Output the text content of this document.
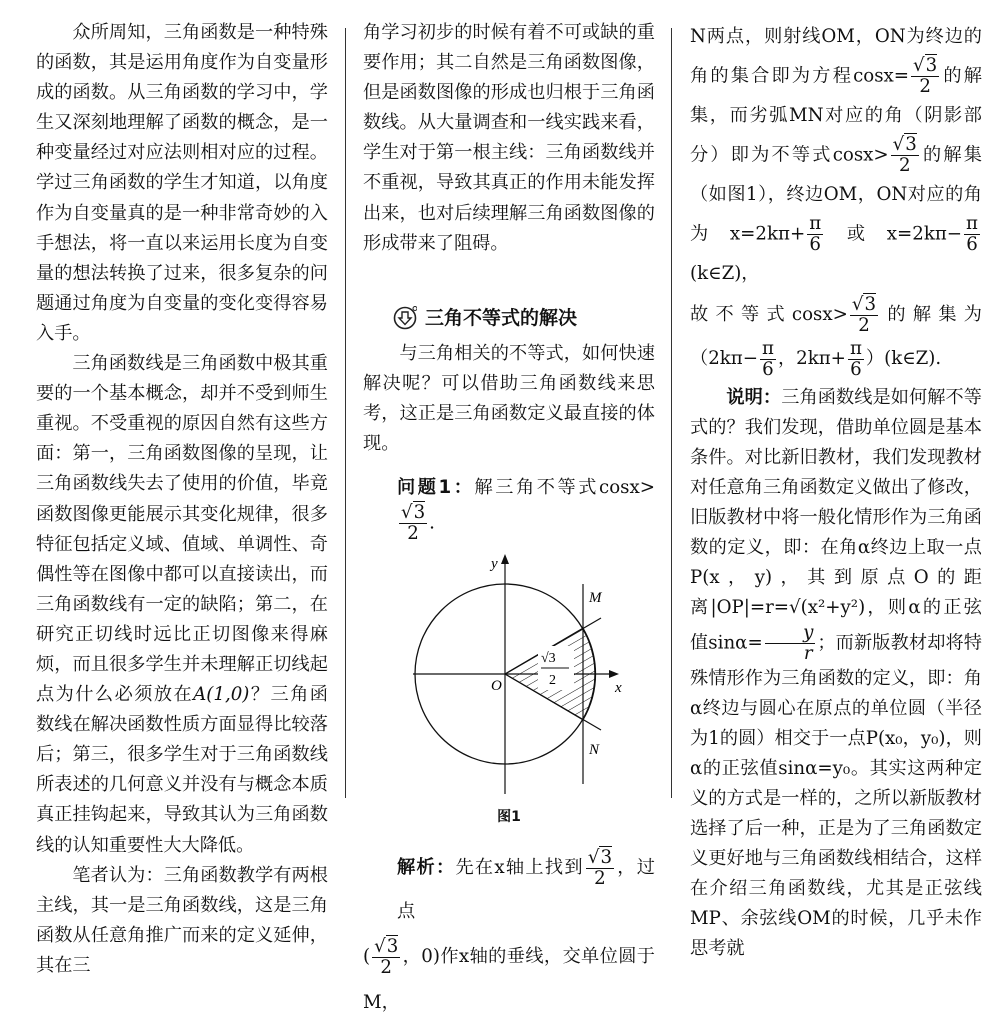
众所周知，三角函数是一种特殊的函数，其是运用角度作为自变量形成的函数。从三角函数的学习中，学生又深刻地理解了函数的概念，是一种变量经过对应法则相对应的过程。学过三角函数的学生才知道，以角度作为自变量真的是一种非常奇妙的入手想法，将一直以来运用长度为自变量的想法转换了过来，很多复杂的问题通过角度为自变量的变化变得容易入手。

三角函数线是三角函数中极其重要的一个基本概念，却并不受到师生重视。不受重视的原因自然有这些方面：第一，三角函数图像的呈现，让三角函数线失去了使用的价值，毕竟函数图像更能展示其变化规律，很多特征包括定义域、值域、单调性、奇偶性等在图像中都可以直接读出，而三角函数线有一定的缺陷；第二，在研究正切线时远比正切图像来得麻烦，而且很多学生并未理解正切线起点为什么必须放在A(1,0)？三角函数线在解决函数性质方面显得比较落后；第三，很多学生对于三角函数线所表述的几何意义并没有与概念本质真正挂钩起来，导致其认为三角函数线的认知重要性大大降低。

笔者认为：三角函数教学有两根主线，其一是三角函数线，这是三角函数从任意角推广而来的定义延伸，其在三

角学习初步的时候有着不可或缺的重要作用；其二自然是三角函数图像，但是函数图像的形成也归根于三角函数线。从大量调查和一线实践来看，学生对于第一根主线：三角函数线并不重视，导致其真正的作用未能发挥出来，也对后续理解三角函数图像的形成带来了阻碍。

三角不等式的解决

与三角相关的不等式，如何快速解决呢？可以借助三角函数线来思考，这正是三角函数定义最直接的体现。

问题1：解三角不等式cosx>
$\frac{√3}{2}$ .

y
x
O
M
N
√3
2
图1

解析：先在x轴上找到 $\frac{√3}{2}$ ，过点

( $\frac{√3}{2}$ ，0)作x轴的垂线，交单位圆于M，

N两点，则射线OM，ON为终边的角的集合即为方程$\cos x= \frac{√3}{2}$ 的解集，而劣弧MN对应的角（阴影部分）即为不等式$\cos x> \frac{√3}{2}$ 的解集（如图1），终边OM，ON对应的角为$x=2k\pi+ \frac{\pi}{6}$ 或$x=2k\pi- \frac{\pi}{6}$
(k∈Z)，

故不等式$\cos x> \frac{√3}{2}$ 的解集为（$2k\pi- \frac{\pi}{6}$ ，$2k\pi+ \frac{\pi}{6}$ ）(k∈Z).

说明：三角函数线是如何解不等式的？我们发现，借助单位圆是基本条件。对比新旧教材，我们发现教材对任意角三角函数定义做出了修改，旧版教材中将一般化情形作为三角函数的定义，即：在角α终边上取一点P(x，y)，其到原点O的距离|OP|=r=√(x²+y²)，则α的正弦值$\sin\alpha= \frac{y}{r}$ ；而新版教材却将特殊情形作为三角函数的定义，即：角α终边与圆心在原点的单位圆（半径为1的圆）相交于一点P(x₀，y₀)，则α的正弦值sinα=y₀。其实这两种定义的方式是一样的，之所以新版教材选择了后一种，正是为了三角函数定义更好地与三角函数线相结合，这样在介绍三角函数线，尤其是正弦线MP、余弦线OM的时候，几乎未作思考就
